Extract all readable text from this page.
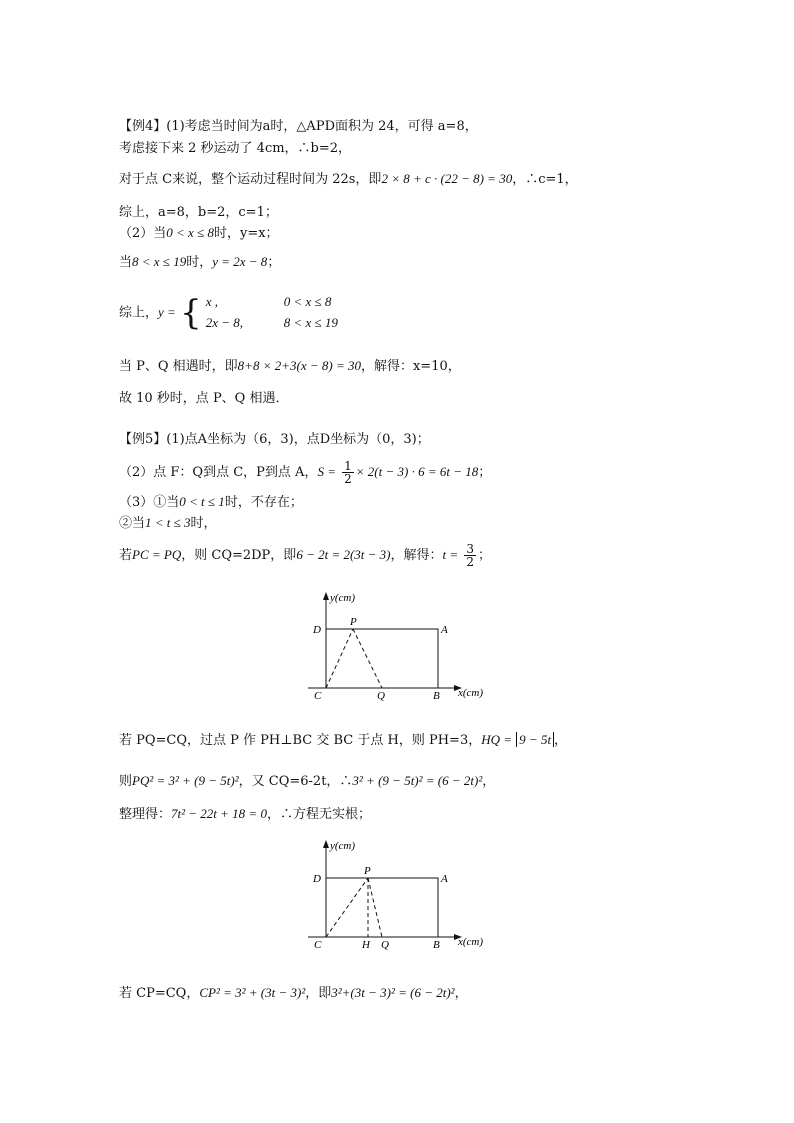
【例4】(1)考虑当时间为a时，△APD面积为 24，可得 a=8，
考虑接下来 2 秒运动了 4cm，∴b=2，
对于点 C来说，整个运动过程时间为 22s，即2 × 8 + c · (22 − 8) = 30，∴c=1，
综上，a=8，b=2，c=1；
（2）当0 < x ≤ 8时，y=x；
当8 < x ≤ 19时，y = 2x − 8；
综上，y = { x ,	0 < x ≤ 8
2x − 8,	8 < x ≤ 19
当 P、Q 相遇时，即8+8 × 2+3(x − 8) = 30，解得：x=10，
故 10 秒时，点 P、Q 相遇．
【例5】(1)点A坐标为（6，3)，点D坐标为（0，3)；
（2）点 F：Q到点 C，P到点 A，$S = \frac{1}{2} \times 2(t - 3) \cdot 6 = 6t - 18$；
（3）①当0 < t ≤ 1时，不存在；
②当1 < t ≤ 3时，
若PC = PQ，则 CQ=2DP，即6 − 2t = 2(3t − 3)，解得：$t = \frac{3}{2}$ ；
y(cm)
x(cm)
D	A
P
C	Q	B
若 PQ=CQ，过点 P 作 PH⊥BC 交 BC 于点 H，则 PH=3，HQ = 9 − 5t ，
则PQ² = 3² + (9 − 5t)²，又 CQ=6-2t，∴3² + (9 − 5t)² = (6 − 2t)²，
整理得：7t² − 22t + 18 = 0，∴方程无实根；
y(cm)
x(cm)
D	A
P
C	H Q	B
若 CP=CQ，CP² = 3² + (3t − 3)²，即3²+(3t − 3)² = (6 − 2t)²，
